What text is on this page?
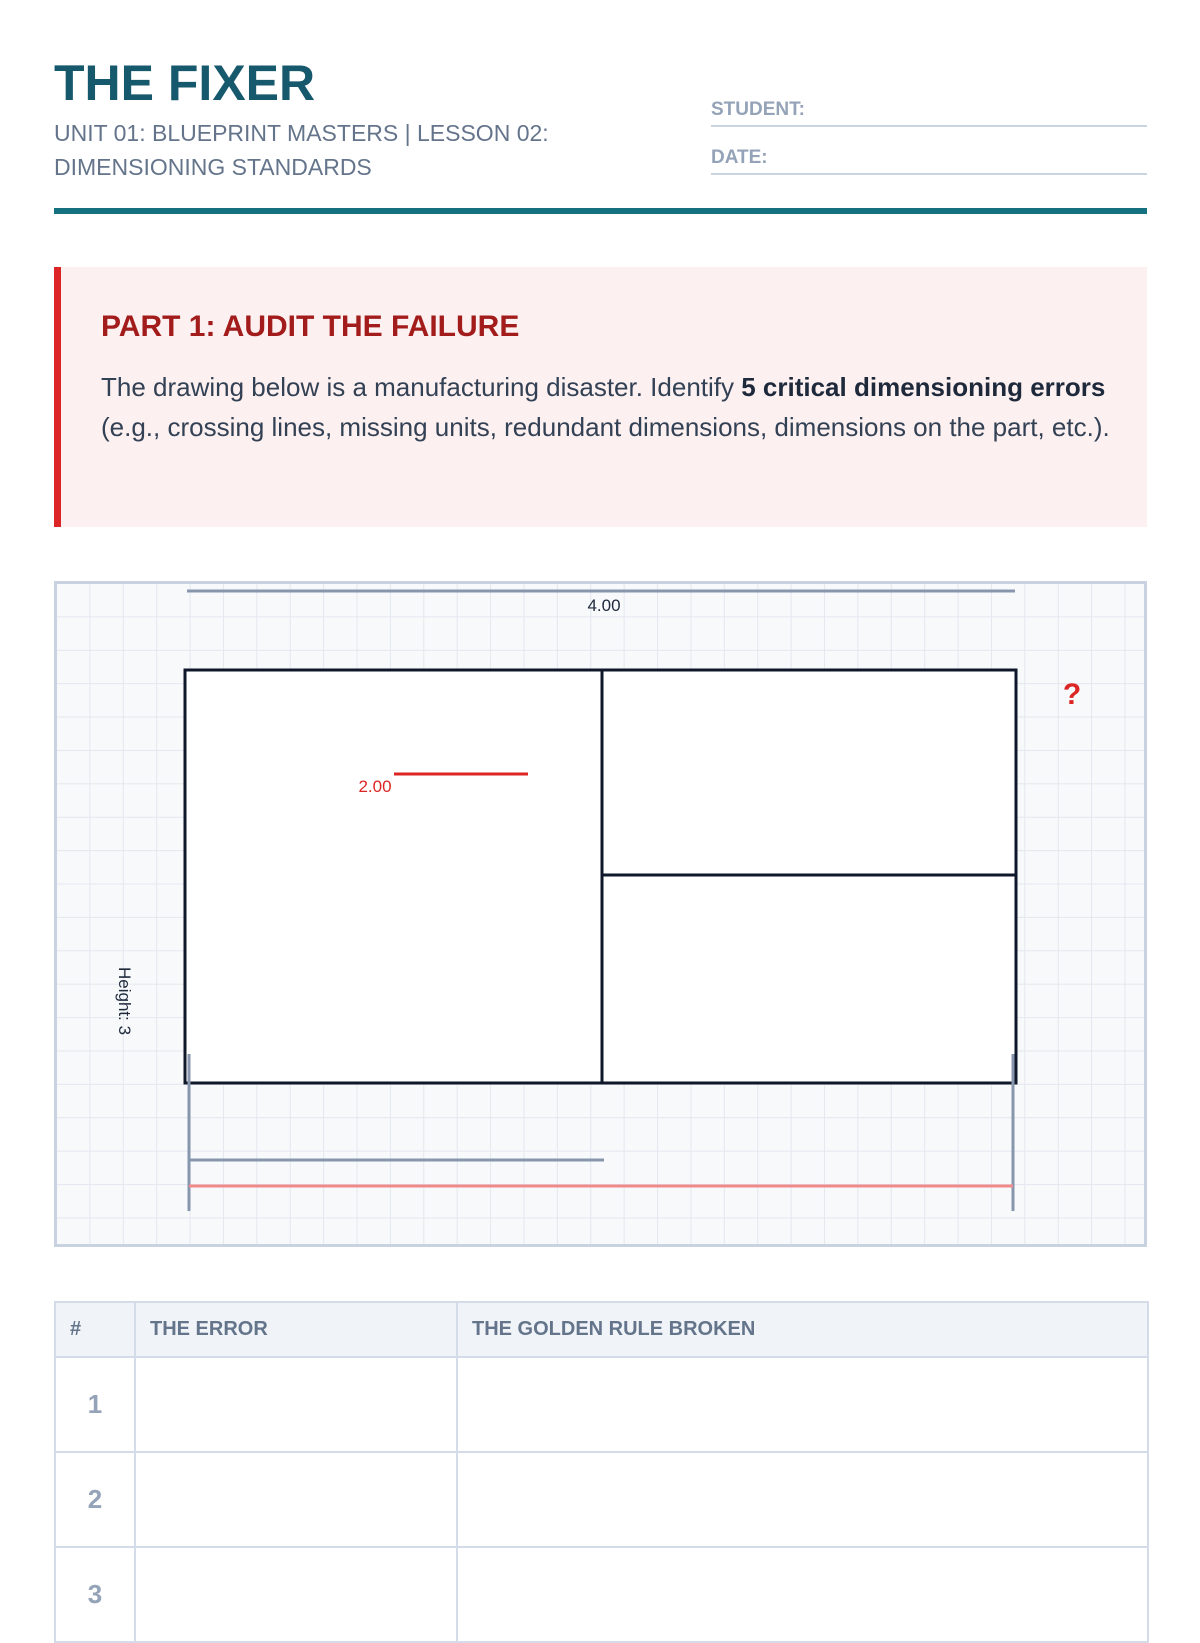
THE FIXER
UNIT 01: BLUEPRINT MASTERS | LESSON 02: DIMENSIONING STANDARDS
STUDENT:
DATE:
PART 1: AUDIT THE FAILURE
The drawing below is a manufacturing disaster. Identify 5 critical dimensioning errors (e.g., crossing lines, missing units, redundant dimensions, dimensions on the part, etc.).
4.00
2.00
?
Height: 3
#	THE ERROR	THE GOLDEN RULE BROKEN
1		
2		
3		
